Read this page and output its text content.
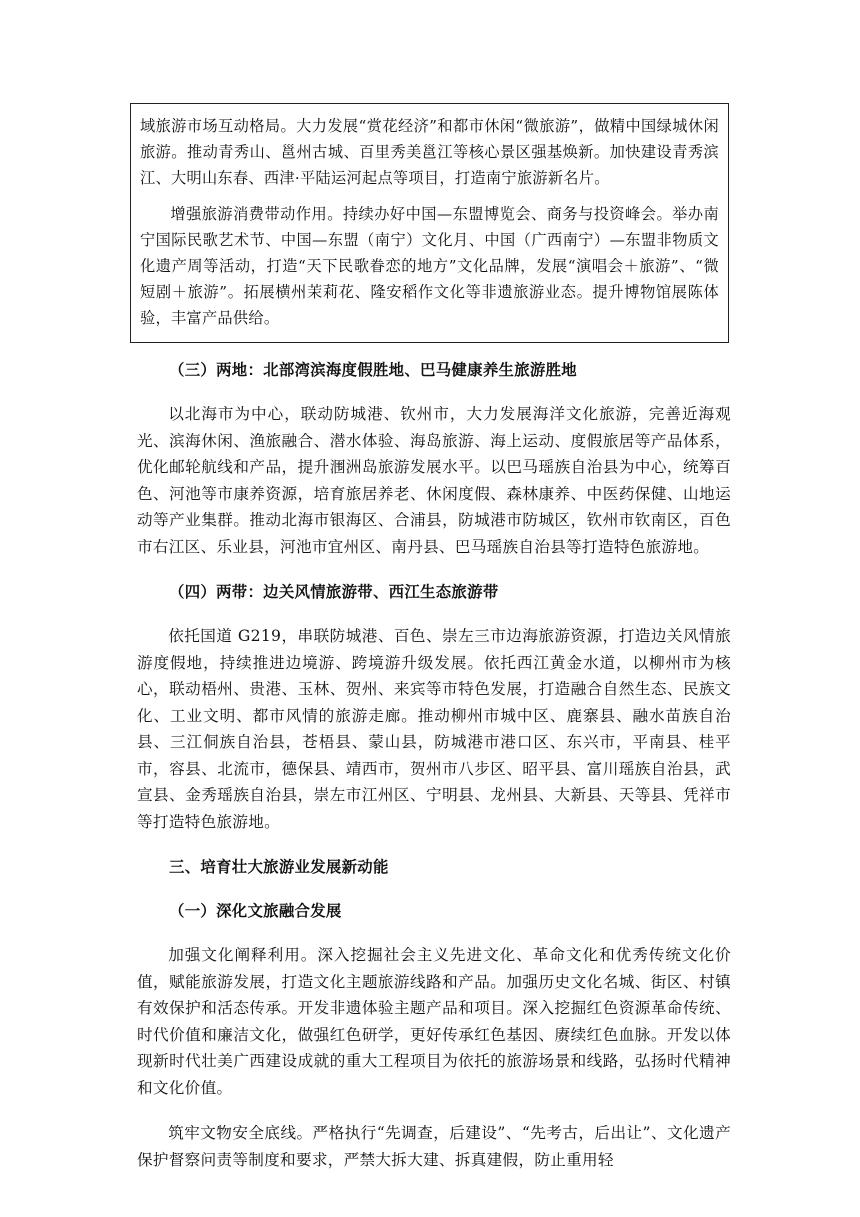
域旅游市场互动格局。大力发展“赏花经济”和都市休闲“微旅游”，做精中国绿城休闲旅游。推动青秀山、邕州古城、百里秀美邕江等核心景区强基焕新。加快建设青秀滨江、大明山东春、西津·平陆运河起点等项目，打造南宁旅游新名片。

增强旅游消费带动作用。持续办好中国—东盟博览会、商务与投资峰会。举办南宁国际民歌艺术节、中国—东盟（南宁）文化月、中国（广西南宁）—东盟非物质文化遗产周等活动，打造“天下民歌眷恋的地方”文化品牌，发展“演唱会＋旅游”、“微短剧＋旅游”。拓展横州茉莉花、隆安稻作文化等非遗旅游业态。提升博物馆展陈体验，丰富产品供给。

（三）两地：北部湾滨海度假胜地、巴马健康养生旅游胜地

以北海市为中心，联动防城港、钦州市，大力发展海洋文化旅游，完善近海观光、滨海休闲、渔旅融合、潜水体验、海岛旅游、海上运动、度假旅居等产品体系，优化邮轮航线和产品，提升涠洲岛旅游发展水平。以巴马瑶族自治县为中心，统筹百色、河池等市康养资源，培育旅居养老、休闲度假、森林康养、中医药保健、山地运动等产业集群。推动北海市银海区、合浦县，防城港市防城区，钦州市钦南区，百色市右江区、乐业县，河池市宜州区、南丹县、巴马瑶族自治县等打造特色旅游地。

（四）两带：边关风情旅游带、西江生态旅游带

依托国道 G219，串联防城港、百色、崇左三市边海旅游资源，打造边关风情旅游度假地，持续推进边境游、跨境游升级发展。依托西江黄金水道，以柳州市为核心，联动梧州、贵港、玉林、贺州、来宾等市特色发展，打造融合自然生态、民族文化、工业文明、都市风情的旅游走廊。推动柳州市城中区、鹿寨县、融水苗族自治县、三江侗族自治县，苍梧县、蒙山县，防城港市港口区、东兴市，平南县、桂平市，容县、北流市，德保县、靖西市，贺州市八步区、昭平县、富川瑶族自治县，武宣县、金秀瑶族自治县，崇左市江州区、宁明县、龙州县、大新县、天等县、凭祥市等打造特色旅游地。

三、培育壮大旅游业发展新动能

（一）深化文旅融合发展

加强文化阐释利用。深入挖掘社会主义先进文化、革命文化和优秀传统文化价值，赋能旅游发展，打造文化主题旅游线路和产品。加强历史文化名城、街区、村镇有效保护和活态传承。开发非遗体验主题产品和项目。深入挖掘红色资源革命传统、时代价值和廉洁文化，做强红色研学，更好传承红色基因、赓续红色血脉。开发以体现新时代壮美广西建设成就的重大工程项目为依托的旅游场景和线路，弘扬时代精神和文化价值。

筑牢文物安全底线。严格执行“先调查，后建设”、“先考古，后出让”、文化遗产保护督察问责等制度和要求，严禁大拆大建、拆真建假，防止重用轻
